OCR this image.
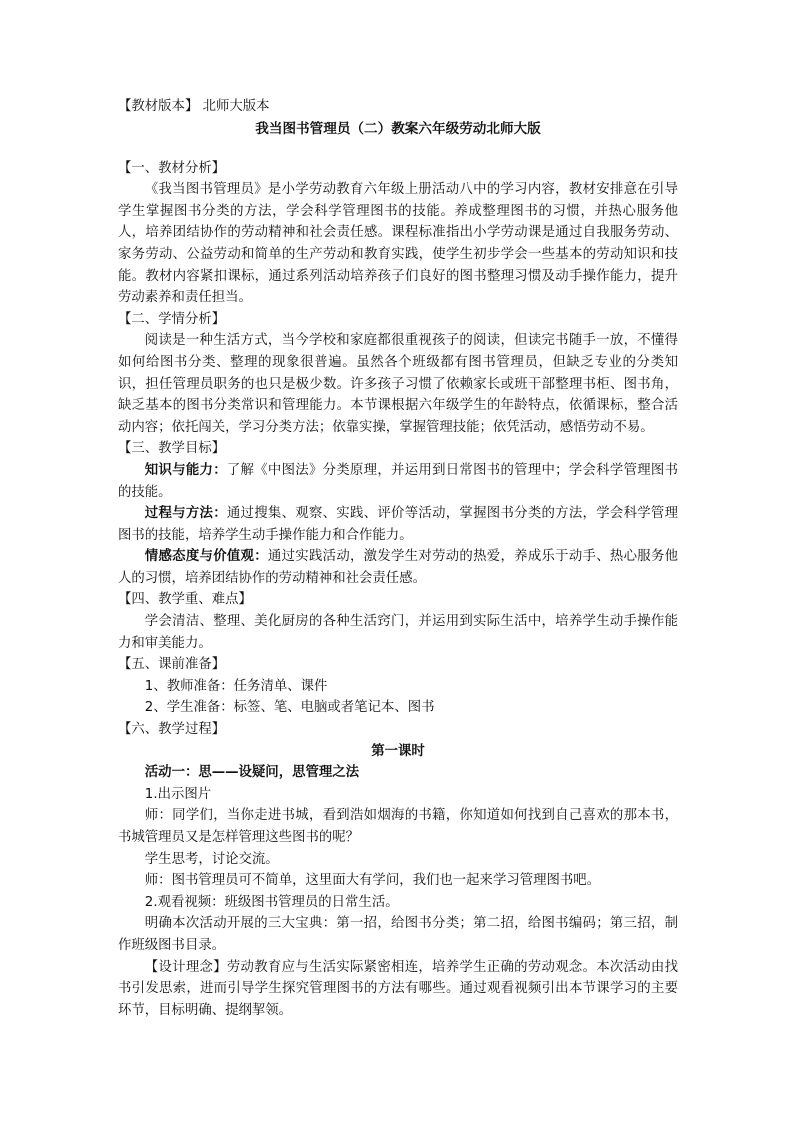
【教材版本】 北师大版本

我当图书管理员（二）教案六年级劳动北师大版

【一、教材分析】

《我当图书管理员》是小学劳动教育六年级上册活动八中的学习内容，教材安排意在引导学生掌握图书分类的方法，学会科学管理图书的技能。养成整理图书的习惯，并热心服务他人，培养团结协作的劳动精神和社会责任感。课程标准指出小学劳动课是通过自我服务劳动、家务劳动、公益劳动和简单的生产劳动和教育实践，使学生初步学会一些基本的劳动知识和技能。教材内容紧扣课标，通过系列活动培养孩子们良好的图书整理习惯及动手操作能力，提升劳动素养和责任担当。

【二、学情分析】

阅读是一种生活方式，当今学校和家庭都很重视孩子的阅读，但读完书随手一放，不懂得如何给图书分类、整理的现象很普遍。虽然各个班级都有图书管理员，但缺乏专业的分类知识，担任管理员职务的也只是极少数。许多孩子习惯了依赖家长或班干部整理书柜、图书角，缺乏基本的图书分类常识和管理能力。本节课根据六年级学生的年龄特点，依循课标，整合活动内容；依托闯关，学习分类方法；依靠实操，掌握管理技能；依凭活动，感悟劳动不易。

【三、教学目标】

知识与能力：了解《中图法》分类原理，并运用到日常图书的管理中；学会科学管理图书的技能。

过程与方法：通过搜集、观察、实践、评价等活动，掌握图书分类的方法，学会科学管理图书的技能，培养学生动手操作能力和合作能力。

情感态度与价值观：通过实践活动，激发学生对劳动的热爱，养成乐于动手、热心服务他人的习惯，培养团结协作的劳动精神和社会责任感。

【四、教学重、难点】

学会清洁、整理、美化厨房的各种生活窍门，并运用到实际生活中，培养学生动手操作能力和审美能力。

【五、课前准备】

1、教师准备：任务清单、课件

2、学生准备：标签、笔、电脑或者笔记本、图书

【六、教学过程】

第一课时

活动一：思——设疑问，思管理之法

1.出示图片

师：同学们，当你走进书城，看到浩如烟海的书籍，你知道如何找到自己喜欢的那本书，书城管理员又是怎样管理这些图书的呢？

学生思考，讨论交流。

师：图书管理员可不简单，这里面大有学问，我们也一起来学习管理图书吧。

2.观看视频：班级图书管理员的日常生活。

明确本次活动开展的三大宝典：第一招，给图书分类；第二招，给图书编码；第三招，制作班级图书目录。

【设计理念】劳动教育应与生活实际紧密相连，培养学生正确的劳动观念。本次活动由找书引发思索，进而引导学生探究管理图书的方法有哪些。通过观看视频引出本节课学习的主要环节，目标明确、提纲挈领。
